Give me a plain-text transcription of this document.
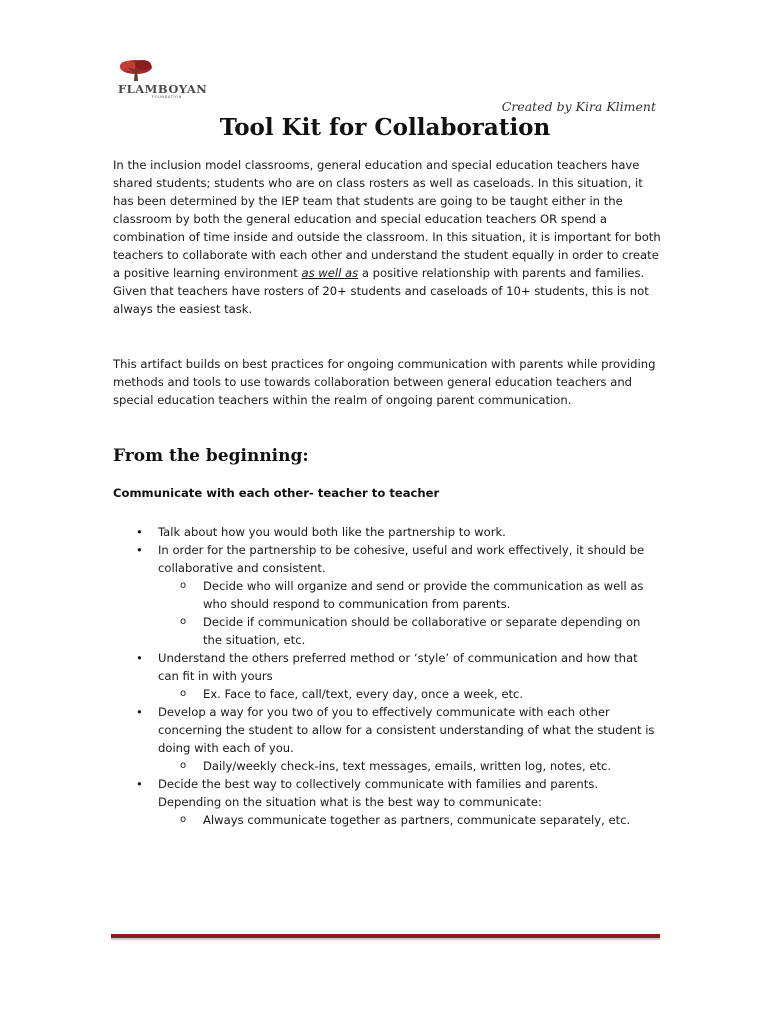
FLAMBOYAN
FOUNDATION
Created by Kira Kliment
Tool Kit for Collaboration

In the inclusion model classrooms, general education and special education teachers have shared students; students who are on class rosters as well as caseloads. In this situation, it has been determined by the IEP team that students are going to be taught either in the classroom by both the general education and special education teachers OR spend a combination of time inside and outside the classroom. In this situation, it is important for both teachers to collaborate with each other and understand the student equally in order to create a positive learning environment as well as a positive relationship with parents and families. Given that teachers have rosters of 20+ students and caseloads of 10+ students, this is not always the easiest task.

This artifact builds on best practices for ongoing communication with parents while providing methods and tools to use towards collaboration between general education teachers and special education teachers within the realm of ongoing parent communication.

From the beginning:
Communicate with each other- teacher to teacher
• Talk about how you would both like the partnership to work.
• In order for the partnership to be cohesive, useful and work effectively, it should be collaborative and consistent.
o Decide who will organize and send or provide the communication as well as who should respond to communication from parents.
o Decide if communication should be collaborative or separate depending on the situation, etc.
• Understand the others preferred method or ‘style’ of communication and how that can fit in with yours
o Ex. Face to face, call/text, every day, once a week, etc.
• Develop a way for you two of you to effectively communicate with each other concerning the student to allow for a consistent understanding of what the student is doing with each of you.
o Daily/weekly check-ins, text messages, emails, written log, notes, etc.
• Decide the best way to collectively communicate with families and parents. Depending on the situation what is the best way to communicate:
o Always communicate together as partners, communicate separately, etc.
